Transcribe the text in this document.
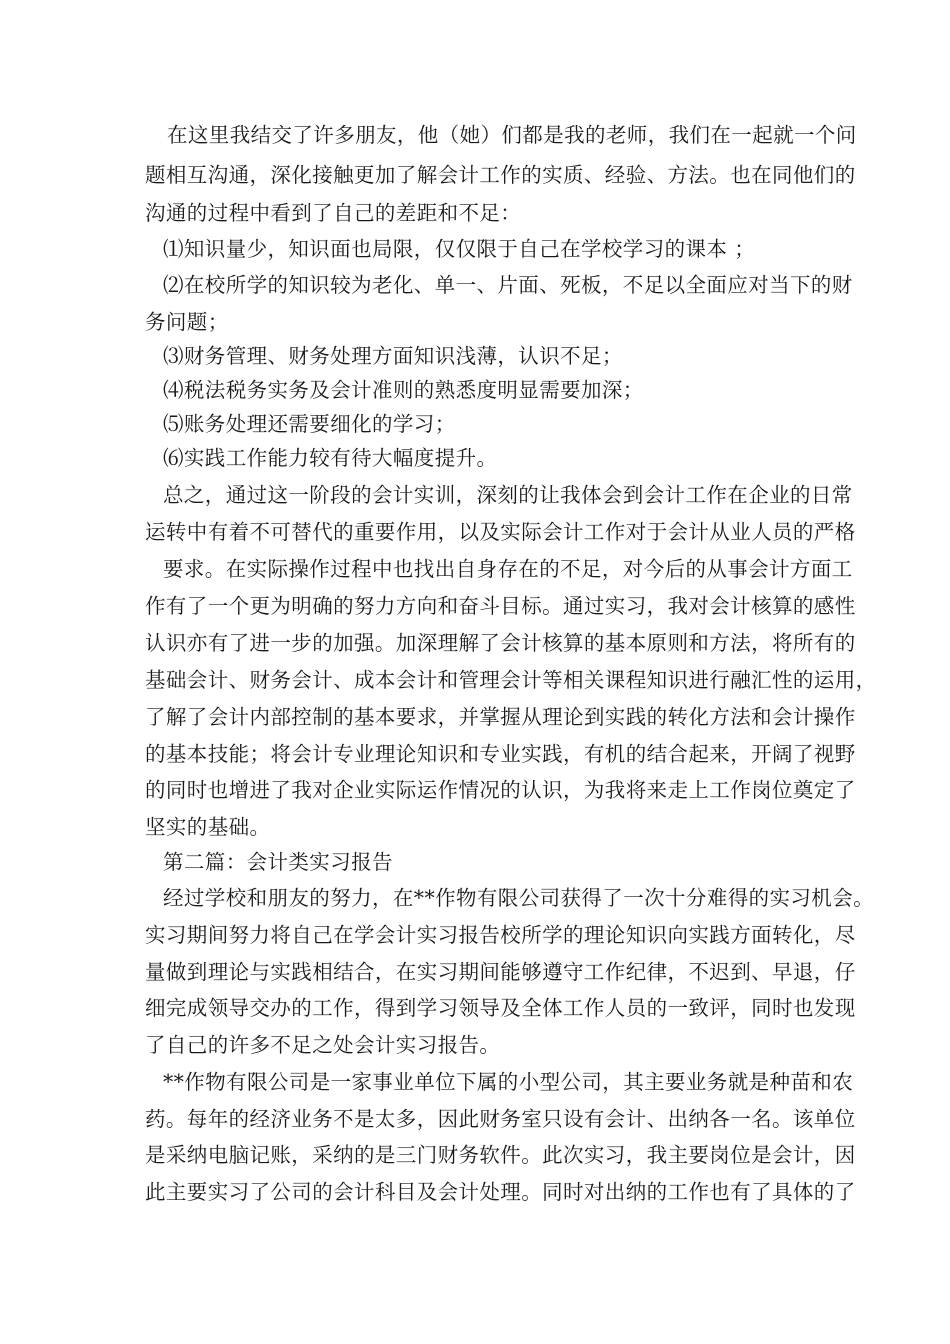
在这里我结交了许多朋友，他（她）们都是我的老师，我们在一起就一个问
题相互沟通，深化接触更加了解会计工作的实质、经验、方法。也在同他们的
沟通的过程中看到了自己的差距和不足：
⑴知识量少，知识面也局限，仅仅限于自己在学校学习的课本 ；
⑵在校所学的知识较为老化、单一、片面、死板，不足以全面应对当下的财
务问题；
⑶财务管理、财务处理方面知识浅薄，认识不足；
⑷税法税务实务及会计准则的熟悉度明显需要加深；
⑸账务处理还需要细化的学习；
⑹实践工作能力较有待大幅度提升。
总之，通过这一阶段的会计实训，深刻的让我体会到会计工作在企业的日常
运转中有着不可替代的重要作用，以及实际会计工作对于会计从业人员的严格
要求。在实际操作过程中也找出自身存在的不足，对今后的从事会计方面工
作有了一个更为明确的努力方向和奋斗目标。通过实习，我对会计核算的感性
认识亦有了进一步的加强。加深理解了会计核算的基本原则和方法，将所有的
基础会计、财务会计、成本会计和管理会计等相关课程知识进行融汇性的运用，
了解了会计内部控制的基本要求，并掌握从理论到实践的转化方法和会计操作
的基本技能；将会计专业理论知识和专业实践，有机的结合起来，开阔了视野
的同时也增进了我对企业实际运作情况的认识，为我将来走上工作岗位奠定了
坚实的基础。
第二篇：会计类实习报告
经过学校和朋友的努力，在**作物有限公司获得了一次十分难得的实习机会。
实习期间努力将自己在学会计实习报告校所学的理论知识向实践方面转化，尽
量做到理论与实践相结合，在实习期间能够遵守工作纪律，不迟到、早退，仔
细完成领导交办的工作，得到学习领导及全体工作人员的一致评，同时也发现
了自己的许多不足之处会计实习报告。
**作物有限公司是一家事业单位下属的小型公司，其主要业务就是种苗和农
药。每年的经济业务不是太多，因此财务室只设有会计、出纳各一名。该单位
是采纳电脑记账，采纳的是三门财务软件。此次实习，我主要岗位是会计，因
此主要实习了公司的会计科目及会计处理。同时对出纳的工作也有了具体的了
